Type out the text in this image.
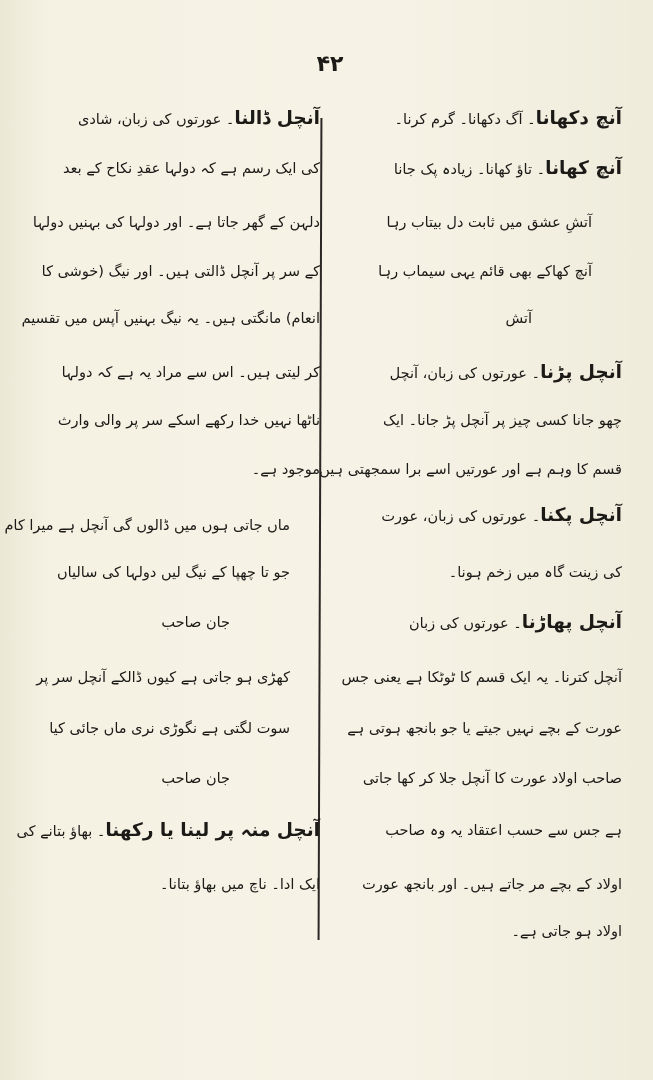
۴۲
آنچ دکھانا۔ آگ دکھانا۔ گرم کرنا۔
آنچ کھانا۔ تاؤ کھانا۔ زیادہ پک جانا
آتشِ عشق میں ثابت دل بیتاب رہا
آنچ کھاکے بھی قائم یہی سیماب رہا
آتش
آنچل پڑنا۔ عورتوں کی زبان، آنچل
چھو جانا کسی چیز پر آنچل پڑ جانا۔ ایک
قسم کا وہم ہے اور عورتیں اسے برا سمجھتی ہیں
آنچل پکنا۔ عورتوں کی زبان، عورت
کی زینت گاہ میں زخم ہونا۔
آنچل پھاڑنا۔ عورتوں کی زبان
آنچل کترنا۔ یہ ایک قسم کا ٹوٹکا ہے یعنی جس
عورت کے بچے نہیں جیتے یا جو بانجھ ہوتی ہے
صاحب اولاد عورت کا آنچل جلا کر کھا جاتی
ہے جس سے حسب اعتقاد یہ وہ صاحب
اولاد کے بچے مر جاتے ہیں۔ اور بانجھ عورت
اولاد ہو جاتی ہے۔
آنچل ڈالنا۔ عورتوں کی زبان، شادی
کی ایک رسم ہے کہ دولہا عقدِ نکاح کے بعد
دلہن کے گھر جاتا ہے۔ اور دولہا کی بہنیں دولہا
کے سر پر آنچل ڈالتی ہیں۔ اور نیگ (خوشی کا
انعام) مانگتی ہیں۔ یہ نیگ بہنیں آپس میں تقسیم
کر لیتی ہیں۔ اس سے مراد یہ ہے کہ دولہا
ناٹھا نہیں خدا رکھے اسکے سر پر والی وارث
موجود ہے۔
ماں جاتی ہوں میں ڈالوں گی آنچل ہے میرا کام
جو تا چھپا کے نیگ لیں دولہا کی سالیاں
جان صاحب
کھڑی ہو جاتی ہے کیوں ڈالکے آنچل سر پر
سوت لگتی ہے نگوڑی نری ماں جائی کیا
جان صاحب
آنچل منہ پر لینا یا رکھنا۔ بھاؤ بتانے کی
ایک ادا۔ ناچ میں بھاؤ بتانا۔
